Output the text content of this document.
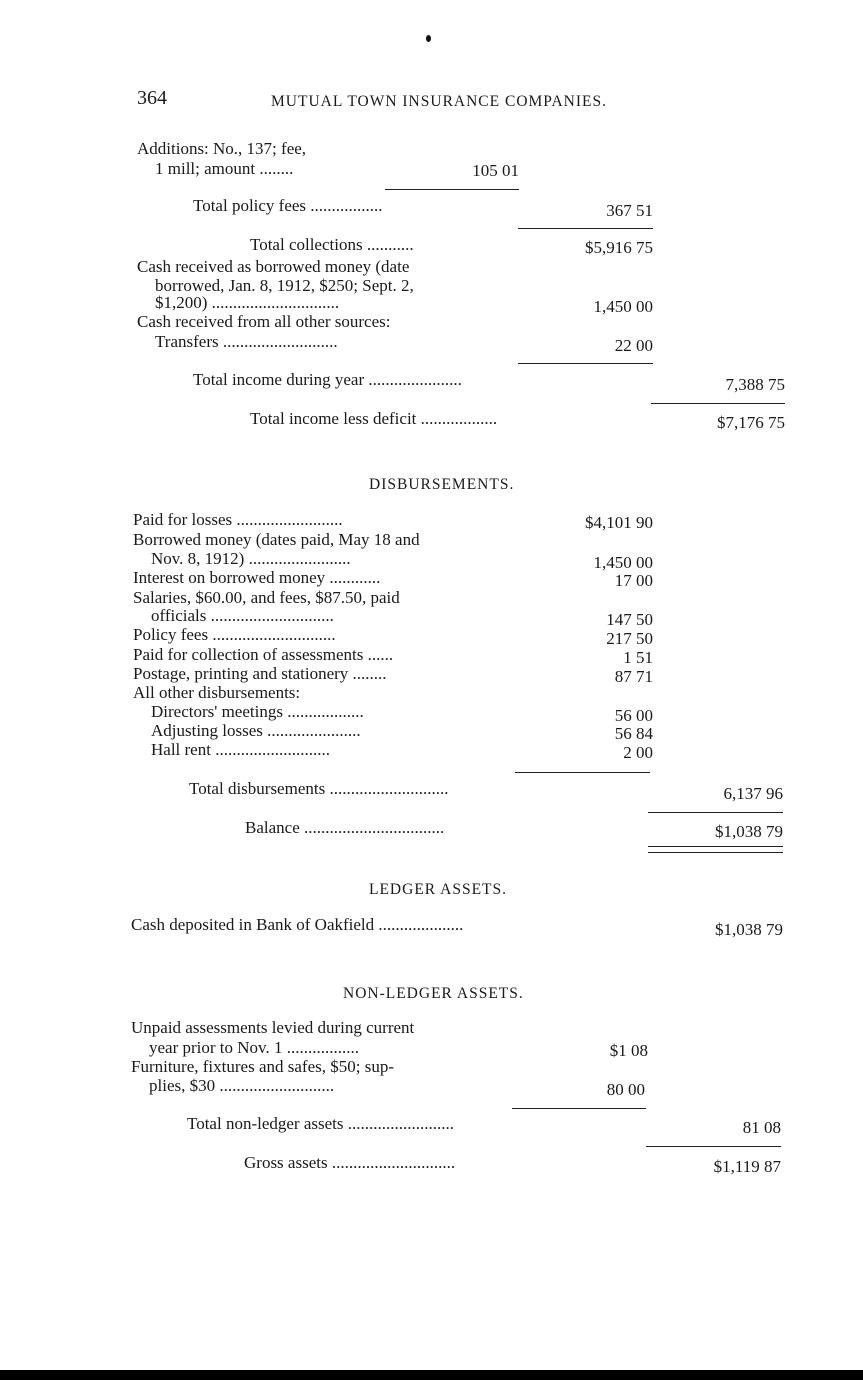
364	MUTUAL TOWN INSURANCE COMPANIES.
Additions: No., 137; fee,
1 mill; amount ........	105 01
Total policy fees .................	367 51
Total collections ...........	$5,916 75
Cash received as borrowed money (date
borrowed, Jan. 8, 1912, $250; Sept. 2,
$1,200) ..............................	1,450 00
Cash received from all other sources:
Transfers ...........................	22 00
Total income during year ......................	7,388 75
Total income less deficit ..................	$7,176 75
DISBURSEMENTS.
Paid for losses .........................	$4,101 90
Borrowed money (dates paid, May 18 and
Nov. 8, 1912) ........................	1,450 00
Interest on borrowed money ............	17 00
Salaries, $60.00, and fees, $87.50, paid
officials .............................	147 50
Policy fees .............................	217 50
Paid for collection of assessments ......	1 51
Postage, printing and stationery ........	87 71
All other disbursements:
Directors' meetings ..................	56 00
Adjusting losses ......................	56 84
Hall rent ...........................	2 00
Total disbursements ............................	6,137 96
Balance .................................	$1,038 79
LEDGER ASSETS.
Cash deposited in Bank of Oakfield ....................	$1,038 79
NON-LEDGER ASSETS.
Unpaid assessments levied during current
year prior to Nov. 1 .................	$1 08
Furniture, fixtures and safes, $50; sup-
plies, $30 ...........................	80 00
Total non-ledger assets .........................	81 08
Gross assets .............................	$1,119 87
